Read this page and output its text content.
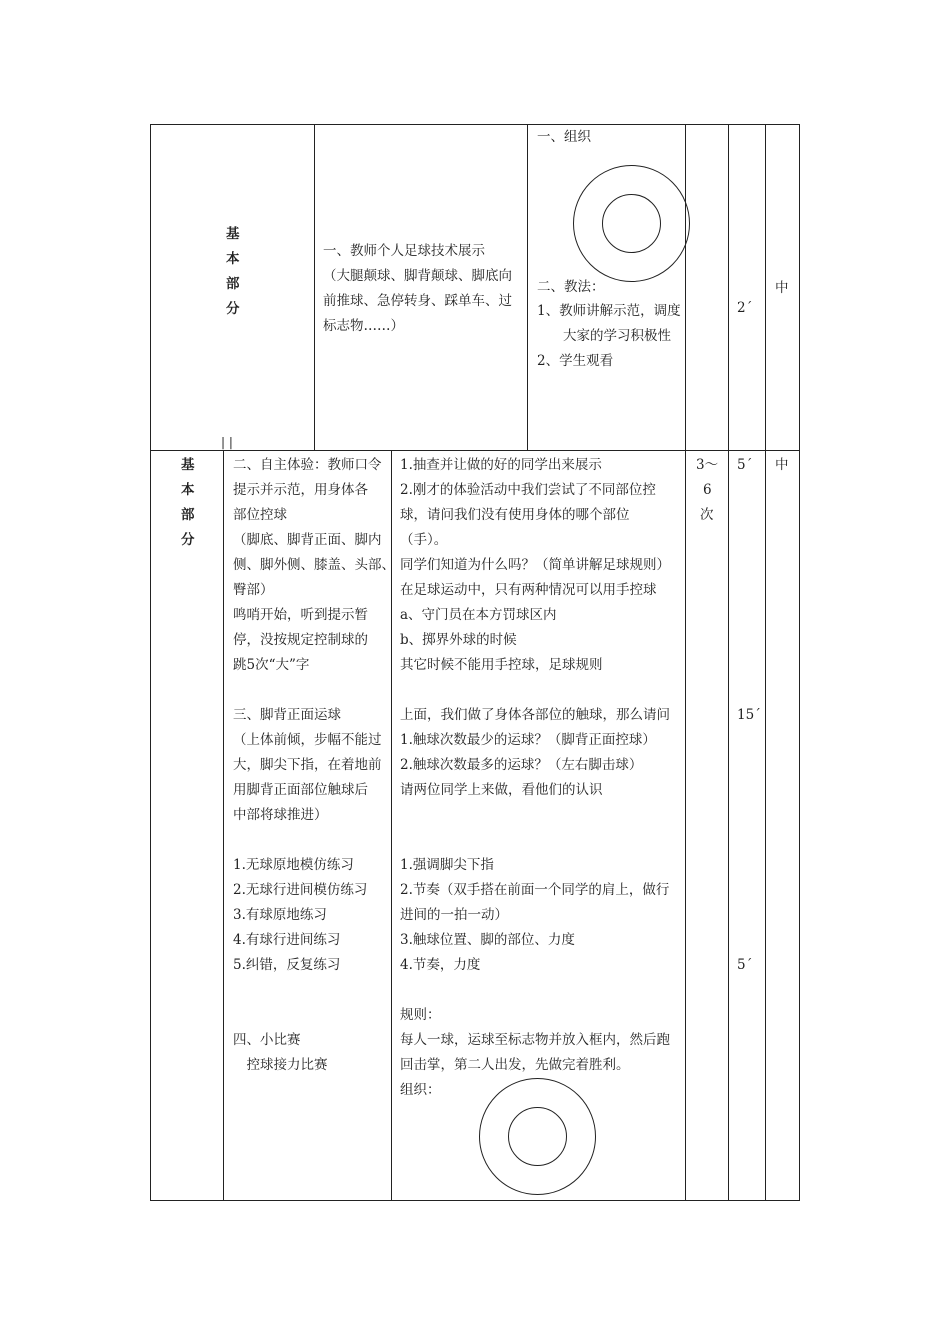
基
本
部
分
| |
一、教师个人足球技术展示
（大腿颠球、脚背颠球、脚底向
前推球、急停转身、踩单车、过
标志物……）
一、组织
二、教法：
1、教师讲解示范，调度
大家的学习积极性
2、学生观看
2´
中
基
本
部
分
二、自主体验：教师口令
提示并示范，用身体各
部位控球
（脚底、脚背正面、脚内
侧、脚外侧、膝盖、头部、
臀部）
鸣哨开始，听到提示暂
停，没按规定控制球的
跳5次“大”字
三、脚背正面运球
（上体前倾，步幅不能过
大，脚尖下指，在着地前
用脚背正面部位触球后
中部将球推进）
1.无球原地模仿练习
2.无球行进间模仿练习
3.有球原地练习
4.有球行进间练习
5.纠错，反复练习
四、小比赛
　控球接力比赛
1.抽查并让做的好的同学出来展示
2.刚才的体验活动中我们尝试了不同部位控
球，请问我们没有使用身体的哪个部位
（手）。
同学们知道为什么吗？（简单讲解足球规则）
在足球运动中，只有两种情况可以用手控球
a、守门员在本方罚球区内
b、掷界外球的时候
其它时候不能用手控球，足球规则
上面，我们做了身体各部位的触球，那么请问
1.触球次数最少的运球？（脚背正面控球）
2.触球次数最多的运球？（左右脚击球）
请两位同学上来做，看他们的认识
1.强调脚尖下指
2.节奏（双手搭在前面一个同学的肩上，做行
进间的一拍一动）
3.触球位置、脚的部位、力度
4.节奏，力度
规则：
每人一球，运球至标志物并放入框内，然后跑
回击掌，第二人出发，先做完着胜利。
组织：
3～
6
次
5´
15´
5´
中
